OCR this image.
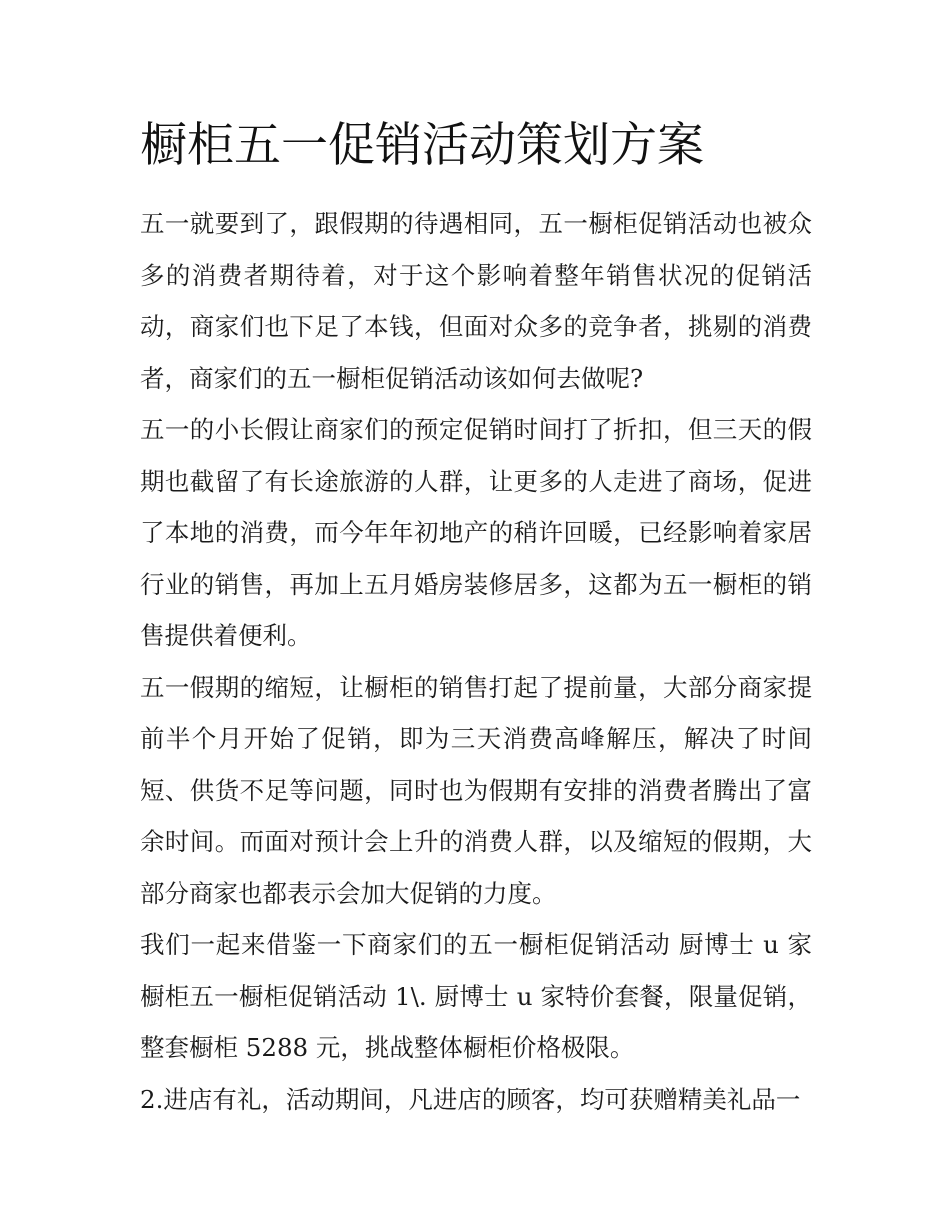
橱柜五一促销活动策划方案

五一就要到了，跟假期的待遇相同，五一橱柜促销活动也被众多的消费者期待着，对于这个影响着整年销售状况的促销活动，商家们也下足了本钱，但面对众多的竞争者，挑剔的消费者，商家们的五一橱柜促销活动该如何去做呢?

五一的小长假让商家们的预定促销时间打了折扣，但三天的假期也截留了有长途旅游的人群，让更多的人走进了商场，促进了本地的消费，而今年年初地产的稍许回暖，已经影响着家居行业的销售，再加上五月婚房装修居多，这都为五一橱柜的销售提供着便利。

五一假期的缩短，让橱柜的销售打起了提前量，大部分商家提前半个月开始了促销，即为三天消费高峰解压，解决了时间短、供货不足等问题，同时也为假期有安排的消费者腾出了富余时间。而面对预计会上升的消费人群，以及缩短的假期，大部分商家也都表示会加大促销的力度。

我们一起来借鉴一下商家们的五一橱柜促销活动 厨博士 u 家橱柜五一橱柜促销活动 1\. 厨博士 u 家特价套餐，限量促销，整套橱柜 5288 元，挑战整体橱柜价格极限。

2.进店有礼，活动期间，凡进店的顾客，均可获赠精美礼品一
